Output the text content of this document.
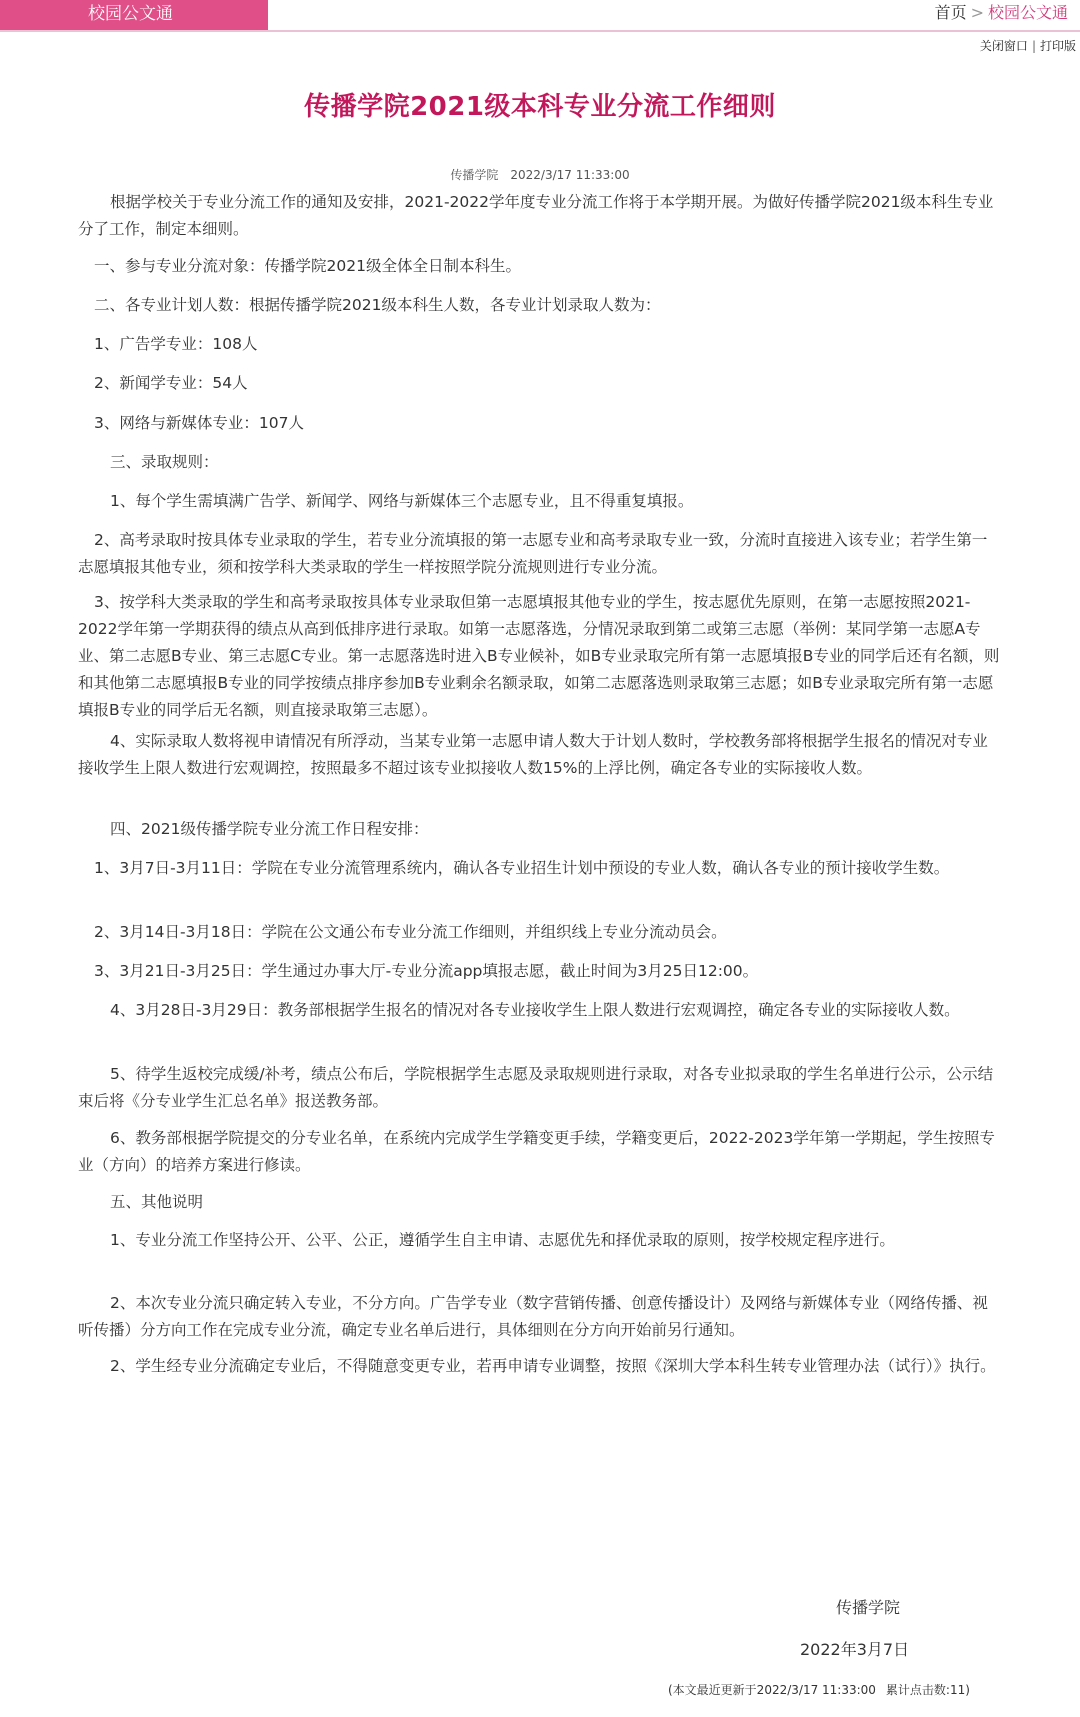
校园公文通	首页 > 校园公文通
关闭窗口 | 打印版
传播学院2021级本科专业分流工作细则
传播学院 2022/3/17 11:33:00
根据学校关于专业分流工作的通知及安排，2021-2022学年度专业分流工作将于本学期开展。为做好传播学院2021级本科生专业分了工作，制定本细则。
一、参与专业分流对象：传播学院2021级全体全日制本科生。
二、各专业计划人数：根据传播学院2021级本科生人数，各专业计划录取人数为：
1、广告学专业：108人
2、新闻学专业：54人
3、网络与新媒体专业：107人
三、录取规则：
1、每个学生需填满广告学、新闻学、网络与新媒体三个志愿专业，且不得重复填报。
2、高考录取时按具体专业录取的学生，若专业分流填报的第一志愿专业和高考录取专业一致，分流时直接进入该专业；若学生第一志愿填报其他专业，须和按学科大类录取的学生一样按照学院分流规则进行专业分流。
3、按学科大类录取的学生和高考录取按具体专业录取但第一志愿填报其他专业的学生，按志愿优先原则，在第一志愿按照2021-2022学年第一学期获得的绩点从高到低排序进行录取。如第一志愿落选，分情况录取到第二或第三志愿（举例：某同学第一志愿A专业、第二志愿B专业、第三志愿C专业。第一志愿落选时进入B专业候补，如B专业录取完所有第一志愿填报B专业的同学后还有名额，则和其他第二志愿填报B专业的同学按绩点排序参加B专业剩余名额录取，如第二志愿落选则录取第三志愿；如B专业录取完所有第一志愿填报B专业的同学后无名额，则直接录取第三志愿）。
4、实际录取人数将视申请情况有所浮动，当某专业第一志愿申请人数大于计划人数时，学校教务部将根据学生报名的情况对专业接收学生上限人数进行宏观调控，按照最多不超过该专业拟接收人数15%的上浮比例，确定各专业的实际接收人数。
四、2021级传播学院专业分流工作日程安排：
1、3月7日-3月11日：学院在专业分流管理系统内，确认各专业招生计划中预设的专业人数，确认各专业的预计接收学生数。
2、3月14日-3月18日：学院在公文通公布专业分流工作细则，并组织线上专业分流动员会。
3、3月21日-3月25日：学生通过办事大厅-专业分流app填报志愿，截止时间为3月25日12:00。
4、3月28日-3月29日：教务部根据学生报名的情况对各专业接收学生上限人数进行宏观调控，确定各专业的实际接收人数。
5、待学生返校完成缓/补考，绩点公布后，学院根据学生志愿及录取规则进行录取，对各专业拟录取的学生名单进行公示，公示结束后将《分专业学生汇总名单》报送教务部。
6、教务部根据学院提交的分专业名单，在系统内完成学生学籍变更手续，学籍变更后，2022-2023学年第一学期起，学生按照专业（方向）的培养方案进行修读。
五、其他说明
1、专业分流工作坚持公开、公平、公正，遵循学生自主申请、志愿优先和择优录取的原则，按学校规定程序进行。
2、本次专业分流只确定转入专业，不分方向。广告学专业（数字营销传播、创意传播设计）及网络与新媒体专业（网络传播、视听传播）分方向工作在完成专业分流，确定专业名单后进行，具体细则在分方向开始前另行通知。
2、学生经专业分流确定专业后，不得随意变更专业，若再申请专业调整，按照《深圳大学本科生转专业管理办法（试行）》执行。
传播学院
2022年3月7日
(本文最近更新于2022/3/17 11:33:00 累计点击数:11)
